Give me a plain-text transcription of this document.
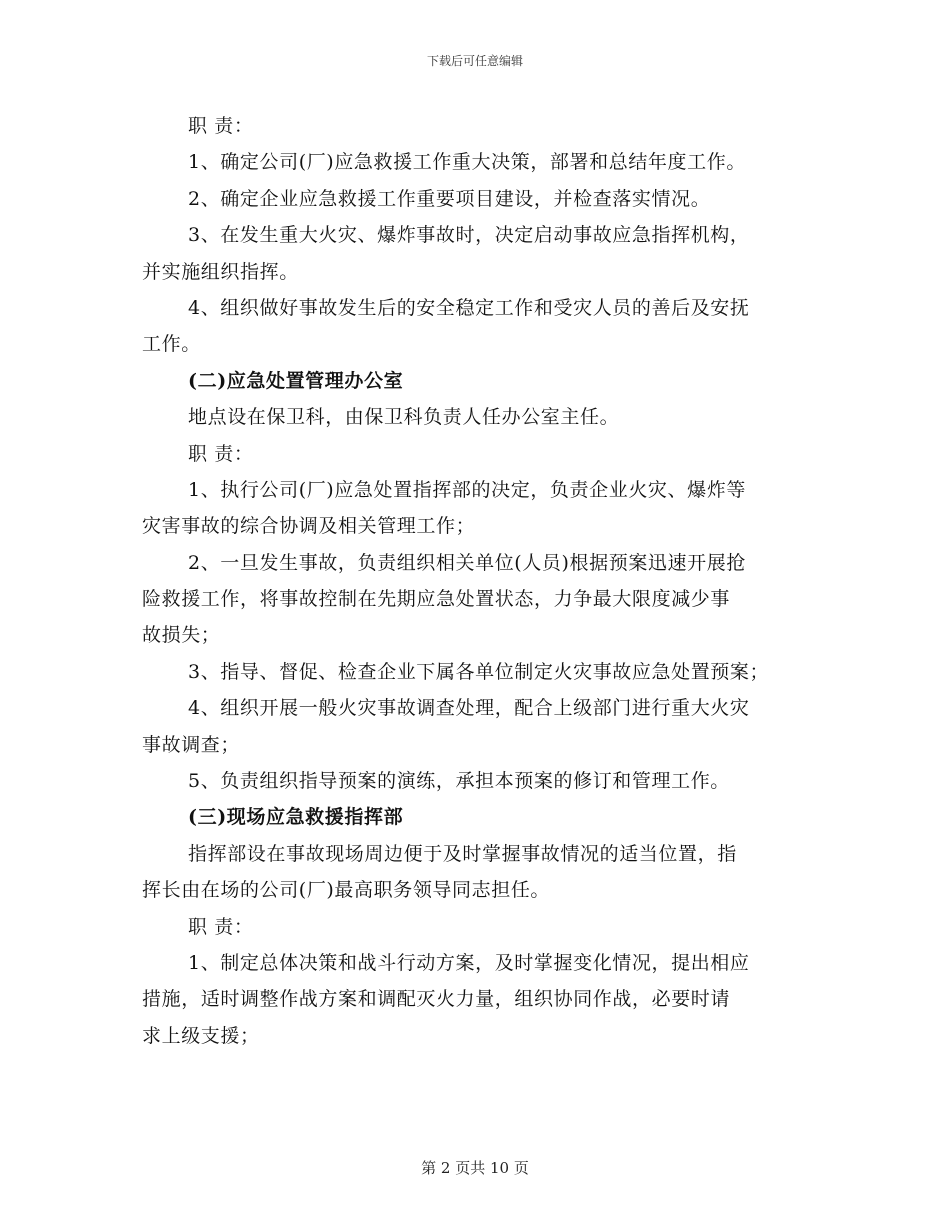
下载后可任意编辑
职 责：
1、确定公司(厂)应急救援工作重大决策，部署和总结年度工作。
2、确定企业应急救援工作重要项目建设，并检查落实情况。
3、在发生重大火灾、爆炸事故时，决定启动事故应急指挥机构，
并实施组织指挥。
4、组织做好事故发生后的安全稳定工作和受灾人员的善后及安抚
工作。
(二)应急处置管理办公室
地点设在保卫科，由保卫科负责人任办公室主任。
职 责：
1、执行公司(厂)应急处置指挥部的决定，负责企业火灾、爆炸等
灾害事故的综合协调及相关管理工作；
2、一旦发生事故，负责组织相关单位(人员)根据预案迅速开展抢
险救援工作，将事故控制在先期应急处置状态，力争最大限度减少事
故损失；
3、指导、督促、检查企业下属各单位制定火灾事故应急处置预案；
4、组织开展一般火灾事故调查处理，配合上级部门进行重大火灾
事故调查；
5、负责组织指导预案的演练，承担本预案的修订和管理工作。
(三)现场应急救援指挥部
指挥部设在事故现场周边便于及时掌握事故情况的适当位置，指
挥长由在场的公司(厂)最高职务领导同志担任。
职 责：
1、制定总体决策和战斗行动方案，及时掌握变化情况，提出相应
措施，适时调整作战方案和调配灭火力量，组织协同作战，必要时请
求上级支援；
第 2 页共 10 页
